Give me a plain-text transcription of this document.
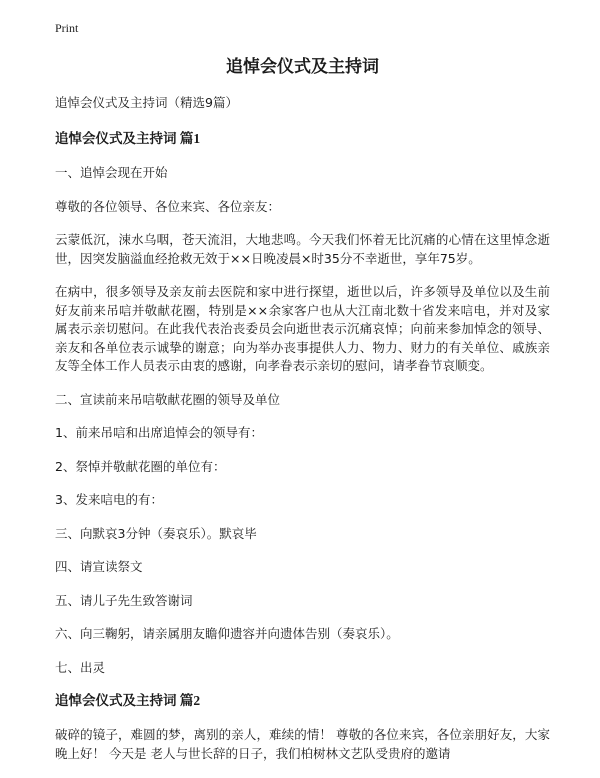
Print
追悼会仪式及主持词
追悼会仪式及主持词（精选9篇）
追悼会仪式及主持词 篇1
一、追悼会现在开始
尊敬的各位领导、各位来宾、各位亲友：
云蒙低沉，涑水乌咽，苍天流泪，大地悲鸣。今天我们怀着无比沉痛的心情在这里悼念逝世，因突发脑溢血经抢救无效于××日晚凌晨×时35分不幸逝世，享年75岁。
在病中，很多领导及亲友前去医院和家中进行探望，逝世以后，许多领导及单位以及生前好友前来吊唁并敬献花圈，特别是××余家客户也从大江南北数十省发来唁电，并对及家属表示亲切慰问。在此我代表治丧委员会向逝世表示沉痛哀悼；向前来参加悼念的领导、亲友和各单位表示诚挚的谢意；向为举办丧事提供人力、物力、财力的有关单位、戚族亲友等全体工作人员表示由衷的感谢，向孝眷表示亲切的慰问，请孝眷节哀顺变。
二、宣读前来吊唁敬献花圈的领导及单位
1、前来吊唁和出席追悼会的领导有：
2、祭悼并敬献花圈的单位有：
3、发来唁电的有：
三、向默哀3分钟（奏哀乐）。默哀毕
四、请宣读祭文
五、请儿子先生致答谢词
六、向三鞠躬，请亲属朋友瞻仰遗容并向遗体告别（奏哀乐）。
七、出灵
追悼会仪式及主持词 篇2
破碎的镜子，难圆的梦，离别的亲人，难续的情！ 尊敬的各位来宾，各位亲朋好友，大家晚上好！ 今天是 老人与世长辞的日子，我们柏树林文艺队受贵府的邀请
